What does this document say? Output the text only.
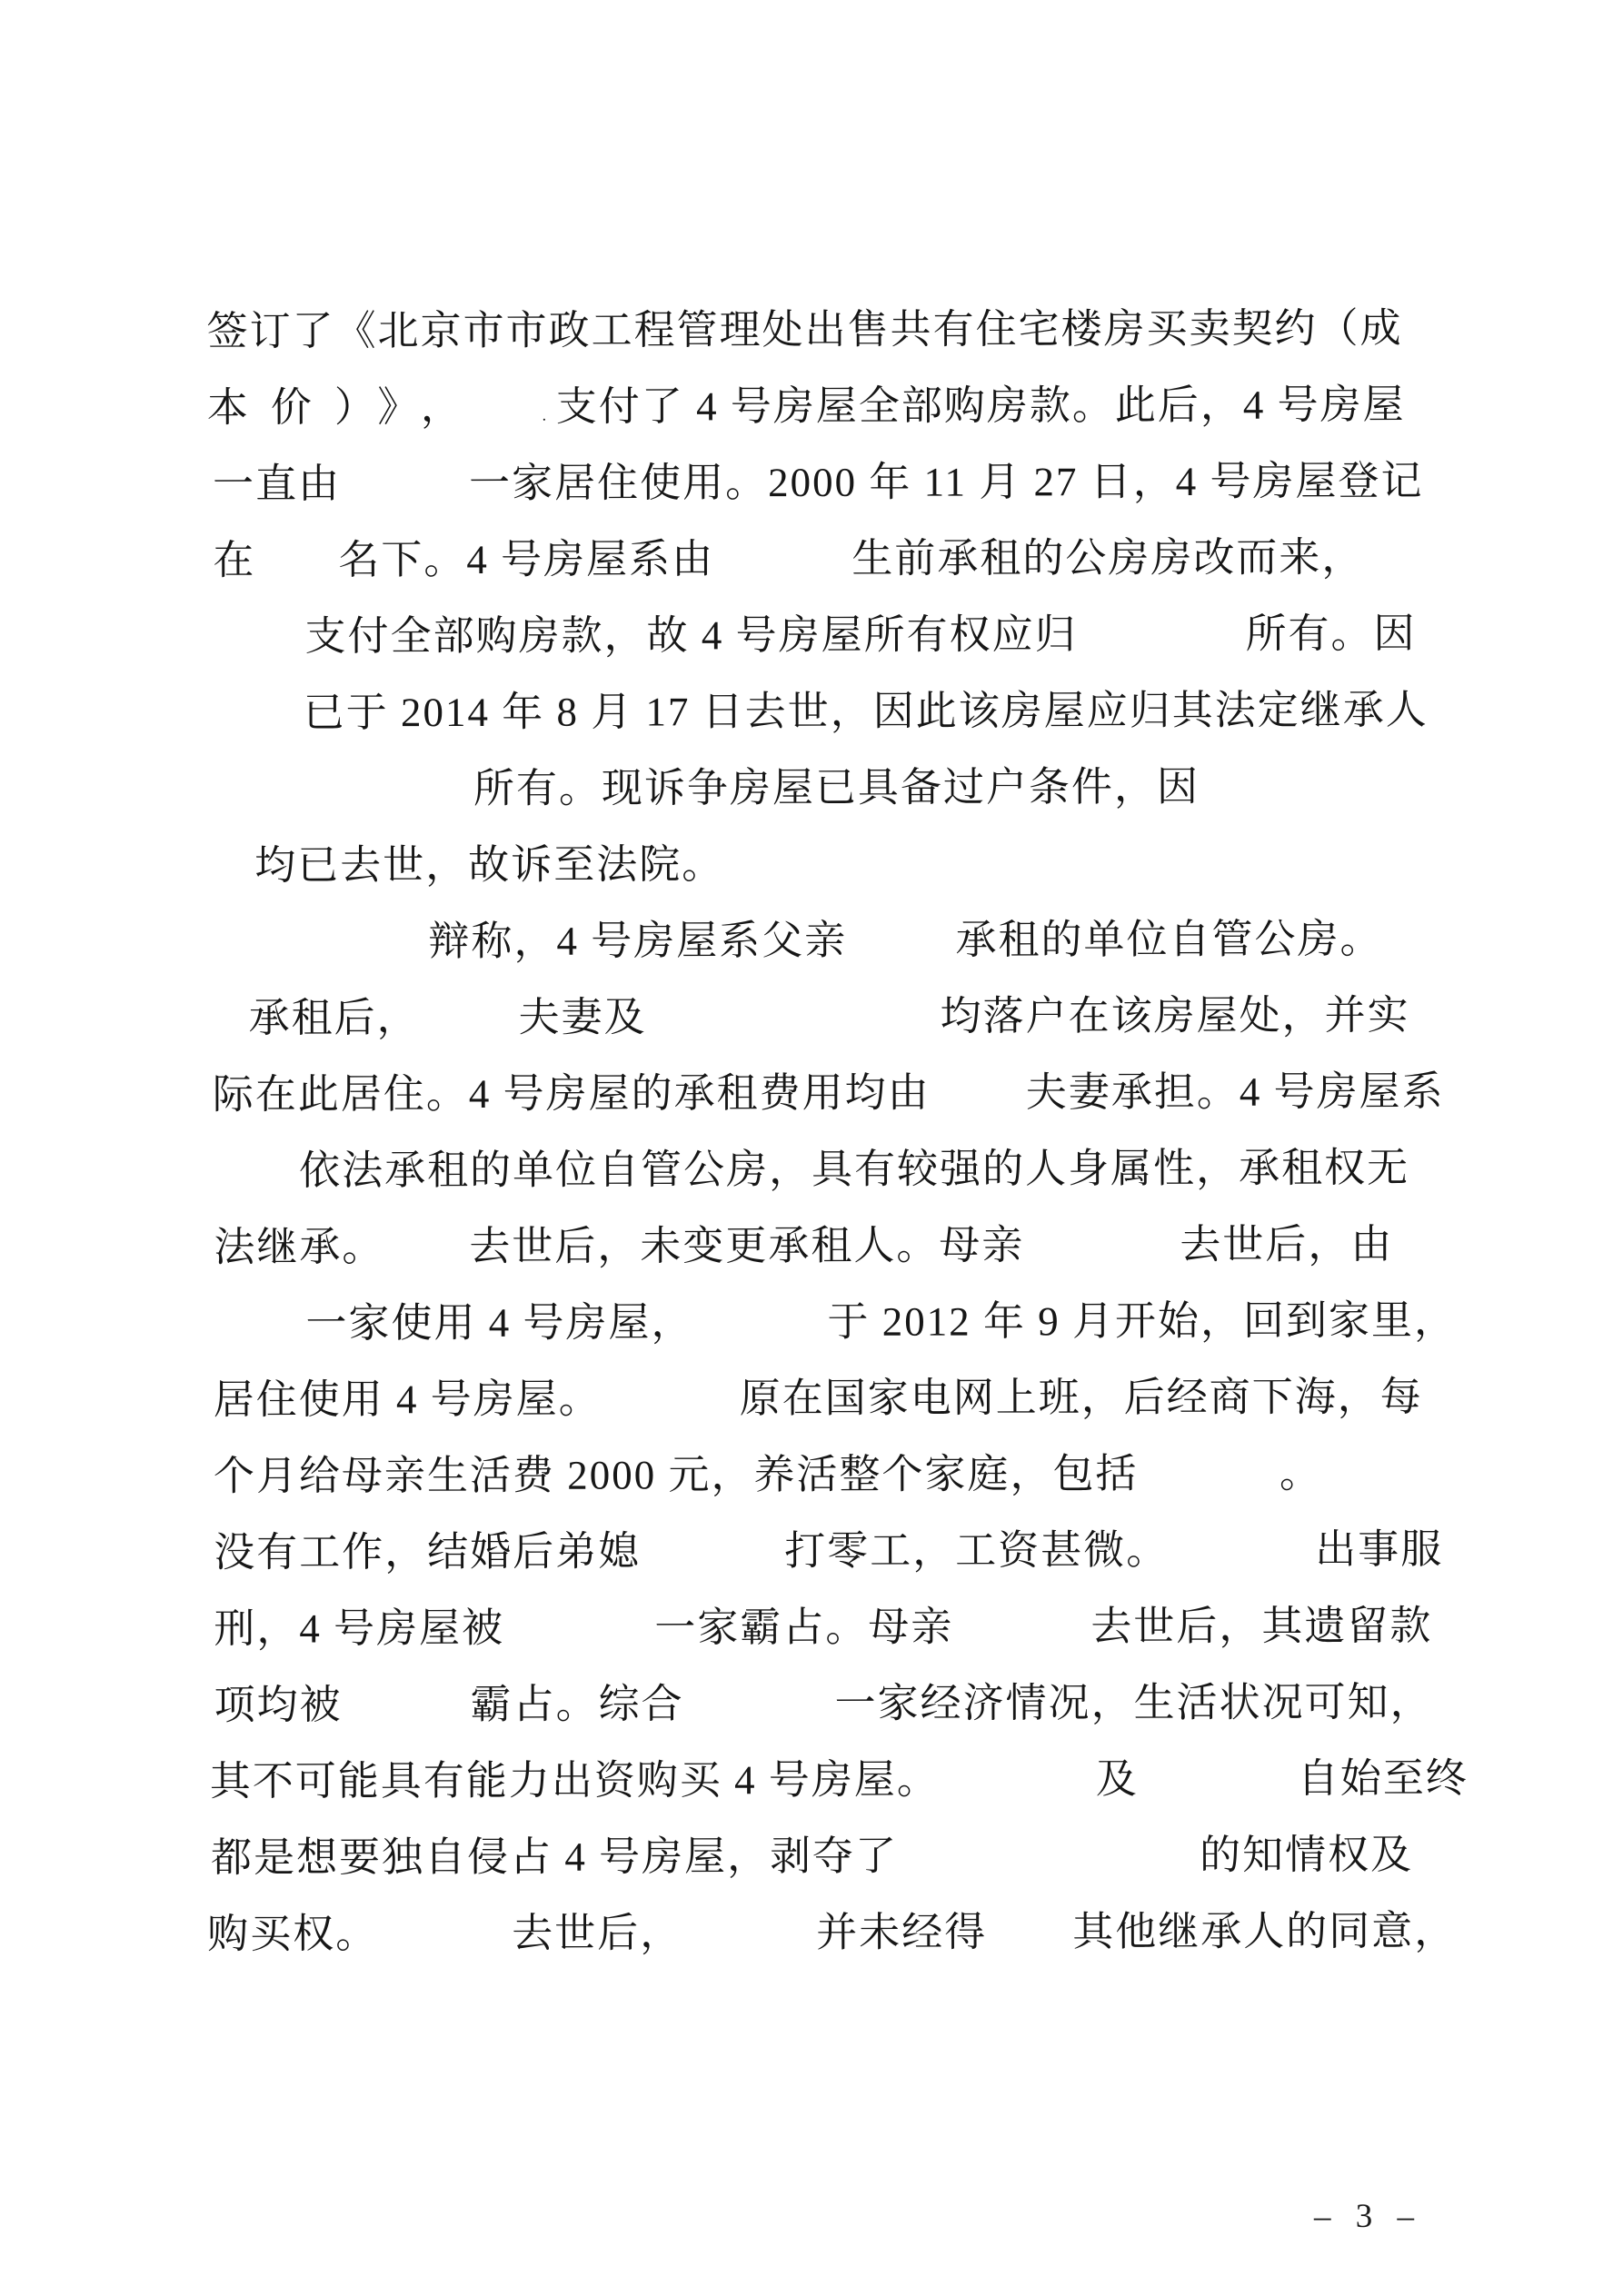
签订了《北京市市政工程管理处出售共有住宅楼房买卖契约（成
本价）》，	· 支付了 4 号房屋全部购房款。此后，4 号房屋
一直由	一家居住使用。2000 年 11 月 27 日，4 号房屋登记
在 名下。4 号房屋系由	生前承租的公房房改而来，
支付全部购房款，故 4 号房屋所有权应归	所有。因
已于 2014 年 8 月 17 日去世，因此该房屋应归其法定继承人
所有。现诉争房屋已具备过户条件，因
均已去世，故诉至法院。
辩称，4 号房屋系父亲	承租的单位自管公房。
承租后， 夫妻及	均落户在该房屋处，并实
际在此居住。4 号房屋的承租费用均由 夫妻承担。4 号房屋系
依法承租的单位自管公房，具有较强的人身属性，承租权无
法继承。 去世后，未变更承租人。母亲	去世后，由
一家使用 4 号房屋，	于 2012 年 9 月开始，回到家里，
居住使用 4 号房屋。	原在国家电网上班，后经商下海，每
个月给母亲生活费 2000 元，养活整个家庭，包括	。
没有工作，结婚后弟媳	打零工，工资甚微。	出事服
刑，4 号房屋被	一家霸占。母亲	去世后，其遗留款
项均被	霸占。综合	一家经济情况，生活状况可知，
其不可能具有能力出资购买 4 号房屋。	及	自始至终
都是想要独自侵占 4 号房屋，剥夺了	的知情权及
购买权。	去世后，	并未经得 其他继承人的同意，
– 3 –
